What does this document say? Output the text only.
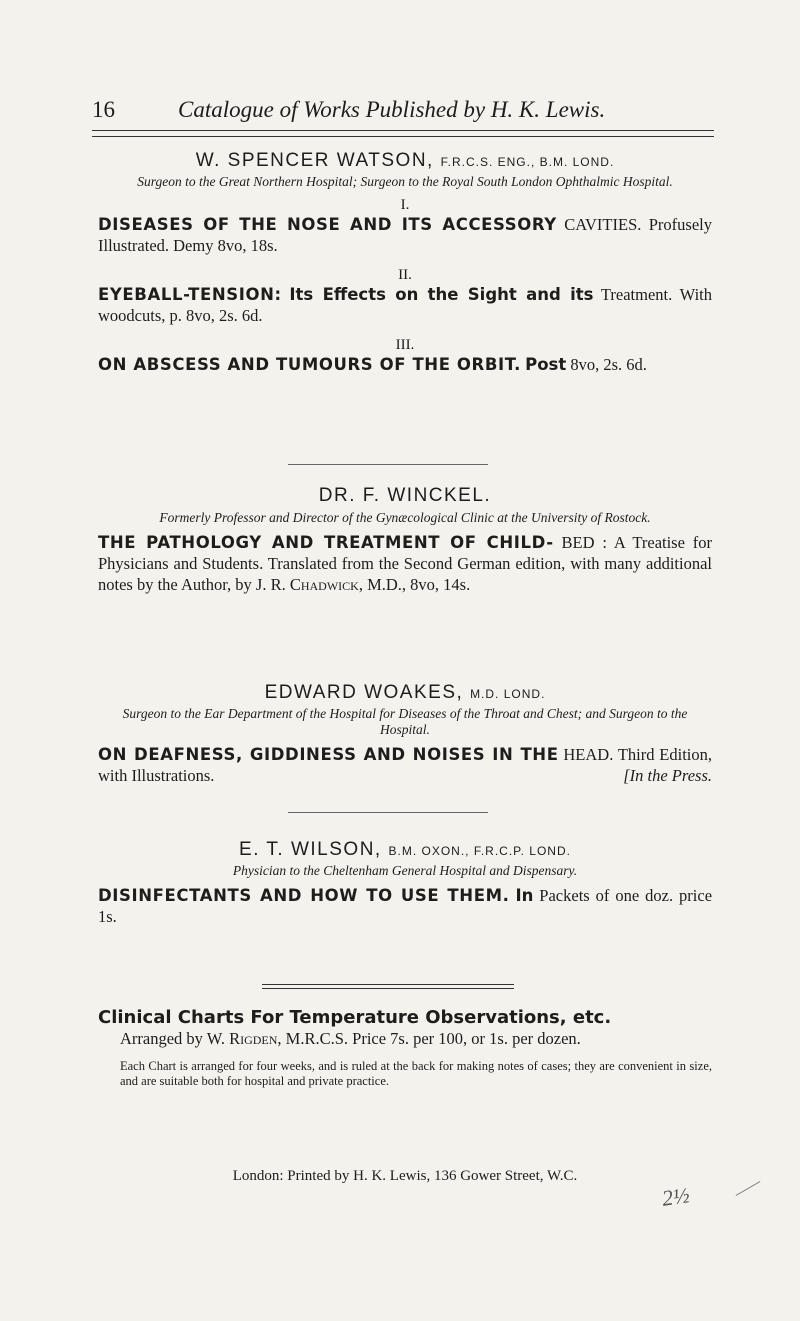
16	Catalogue of Works Published by H. K. Lewis.
W. SPENCER WATSON, F.R.C.S. ENG., B.M. LOND.
Surgeon to the Great Northern Hospital; Surgeon to the Royal South London Ophthalmic Hospital.
I.
DISEASES OF THE NOSE AND ITS ACCESSORY CAVITIES. Profusely Illustrated. Demy 8vo, 18s.
II.
EYEBALL-TENSION: Its Effects on the Sight and its Treatment. With woodcuts, p. 8vo, 2s. 6d.
III.
ON ABSCESS AND TUMOURS OF THE ORBIT. Post 8vo, 2s. 6d.
DR. F. WINCKEL.
Formerly Professor and Director of the Gynæcological Clinic at the University of Rostock.
THE PATHOLOGY AND TREATMENT OF CHILD- BED : A Treatise for Physicians and Students. Translated from the Second German edition, with many additional notes by the Author, by J. R. Chadwick, M.D., 8vo, 14s.
EDWARD WOAKES, M.D. LOND.
Surgeon to the Ear Department of the Hospital for Diseases of the Throat and Chest; and Surgeon to the Hospital.
ON DEAFNESS, GIDDINESS AND NOISES IN THE HEAD. Third Edition, with Illustrations.	[In the Press.
E. T. WILSON, B.M. OXON., F.R.C.P. LOND.
Physician to the Cheltenham General Hospital and Dispensary.
DISINFECTANTS AND HOW TO USE THEM. In Packets of one doz. price 1s.
Clinical Charts For Temperature Observations, etc.
Arranged by W. Rigden, M.R.C.S. Price 7s. per 100, or 1s. per dozen.
Each Chart is arranged for four weeks, and is ruled at the back for making notes of cases; they are convenient in size, and are suitable both for hospital and private practice.
London: Printed by H. K. Lewis, 136 Gower Street, W.C.
2½
